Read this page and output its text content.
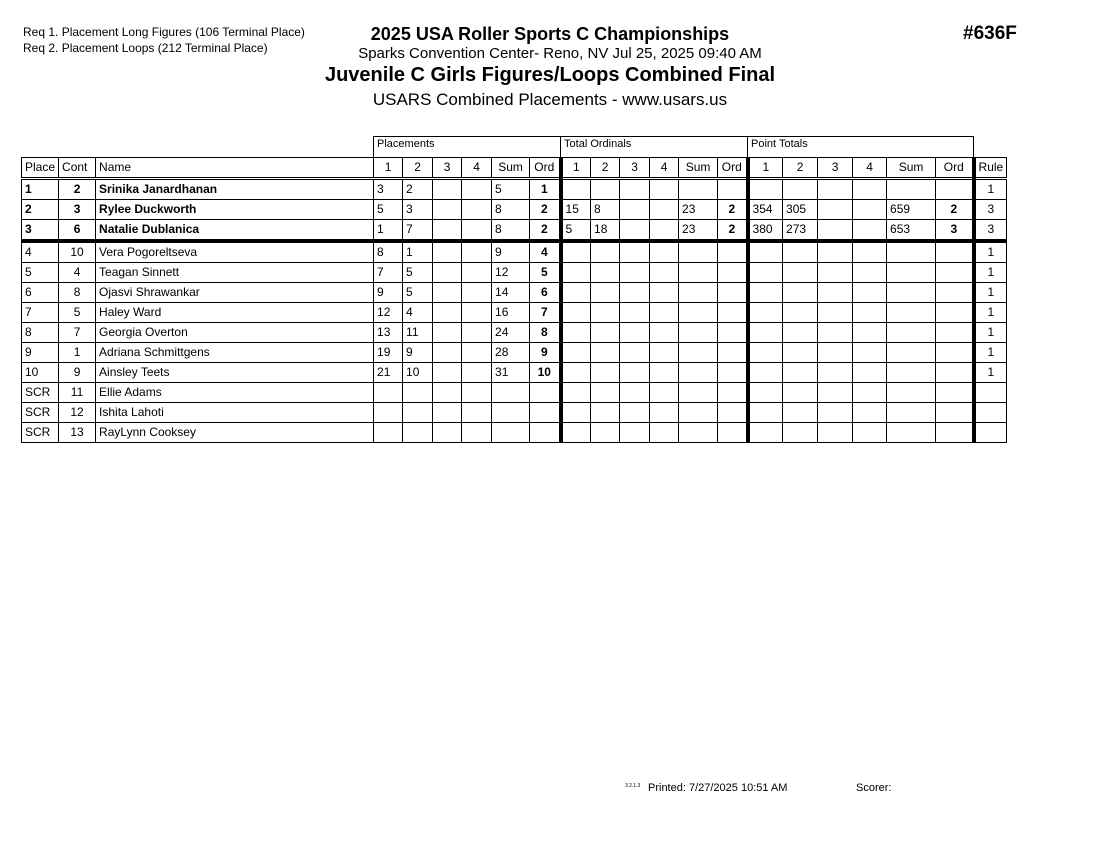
Req 1. Placement Long Figures (106 Terminal Place)
Req 2. Placement Loops (212 Terminal Place)
2025 USA Roller Sports C Championships
Sparks Convention Center- Reno, NV Jul 25, 2025 09:40 AM
Juvenile C Girls Figures/Loops Combined Final
USARS Combined Placements - www.usars.us
#636F
			Placements						Total Ordinals						Point Totals						
Place	Cont	Name	1	2	3	4	Sum	Ord	1	2	3	4	Sum	Ord	1	2	3	4	Sum	Ord	Rule
1	2	Srinika Janardhanan	3	2			5	1													1
2	3	Rylee Duckworth	5	3			8	2	15	8			23	2	354	305			659	2	3
3	6	Natalie Dublanica	1	7			8	2	5	18			23	2	380	273			653	3	3
4	10	Vera Pogoreltseva	8	1			9	4													1
5	4	Teagan Sinnett	7	5			12	5													1
6	8	Ojasvi Shrawankar	9	5			14	6													1
7	5	Haley Ward	12	4			16	7													1
8	7	Georgia Overton	13	11			24	8													1
9	1	Adriana Schmittgens	19	9			28	9													1
10	9	Ainsley Teets	21	10			31	10													1
SCR	11	Ellie Adams																			
SCR	12	Ishita Lahoti																			
SCR	13	RayLynn Cooksey																			
3.2.1.3 Printed: 7/27/2025 10:51 AM	Scorer:
